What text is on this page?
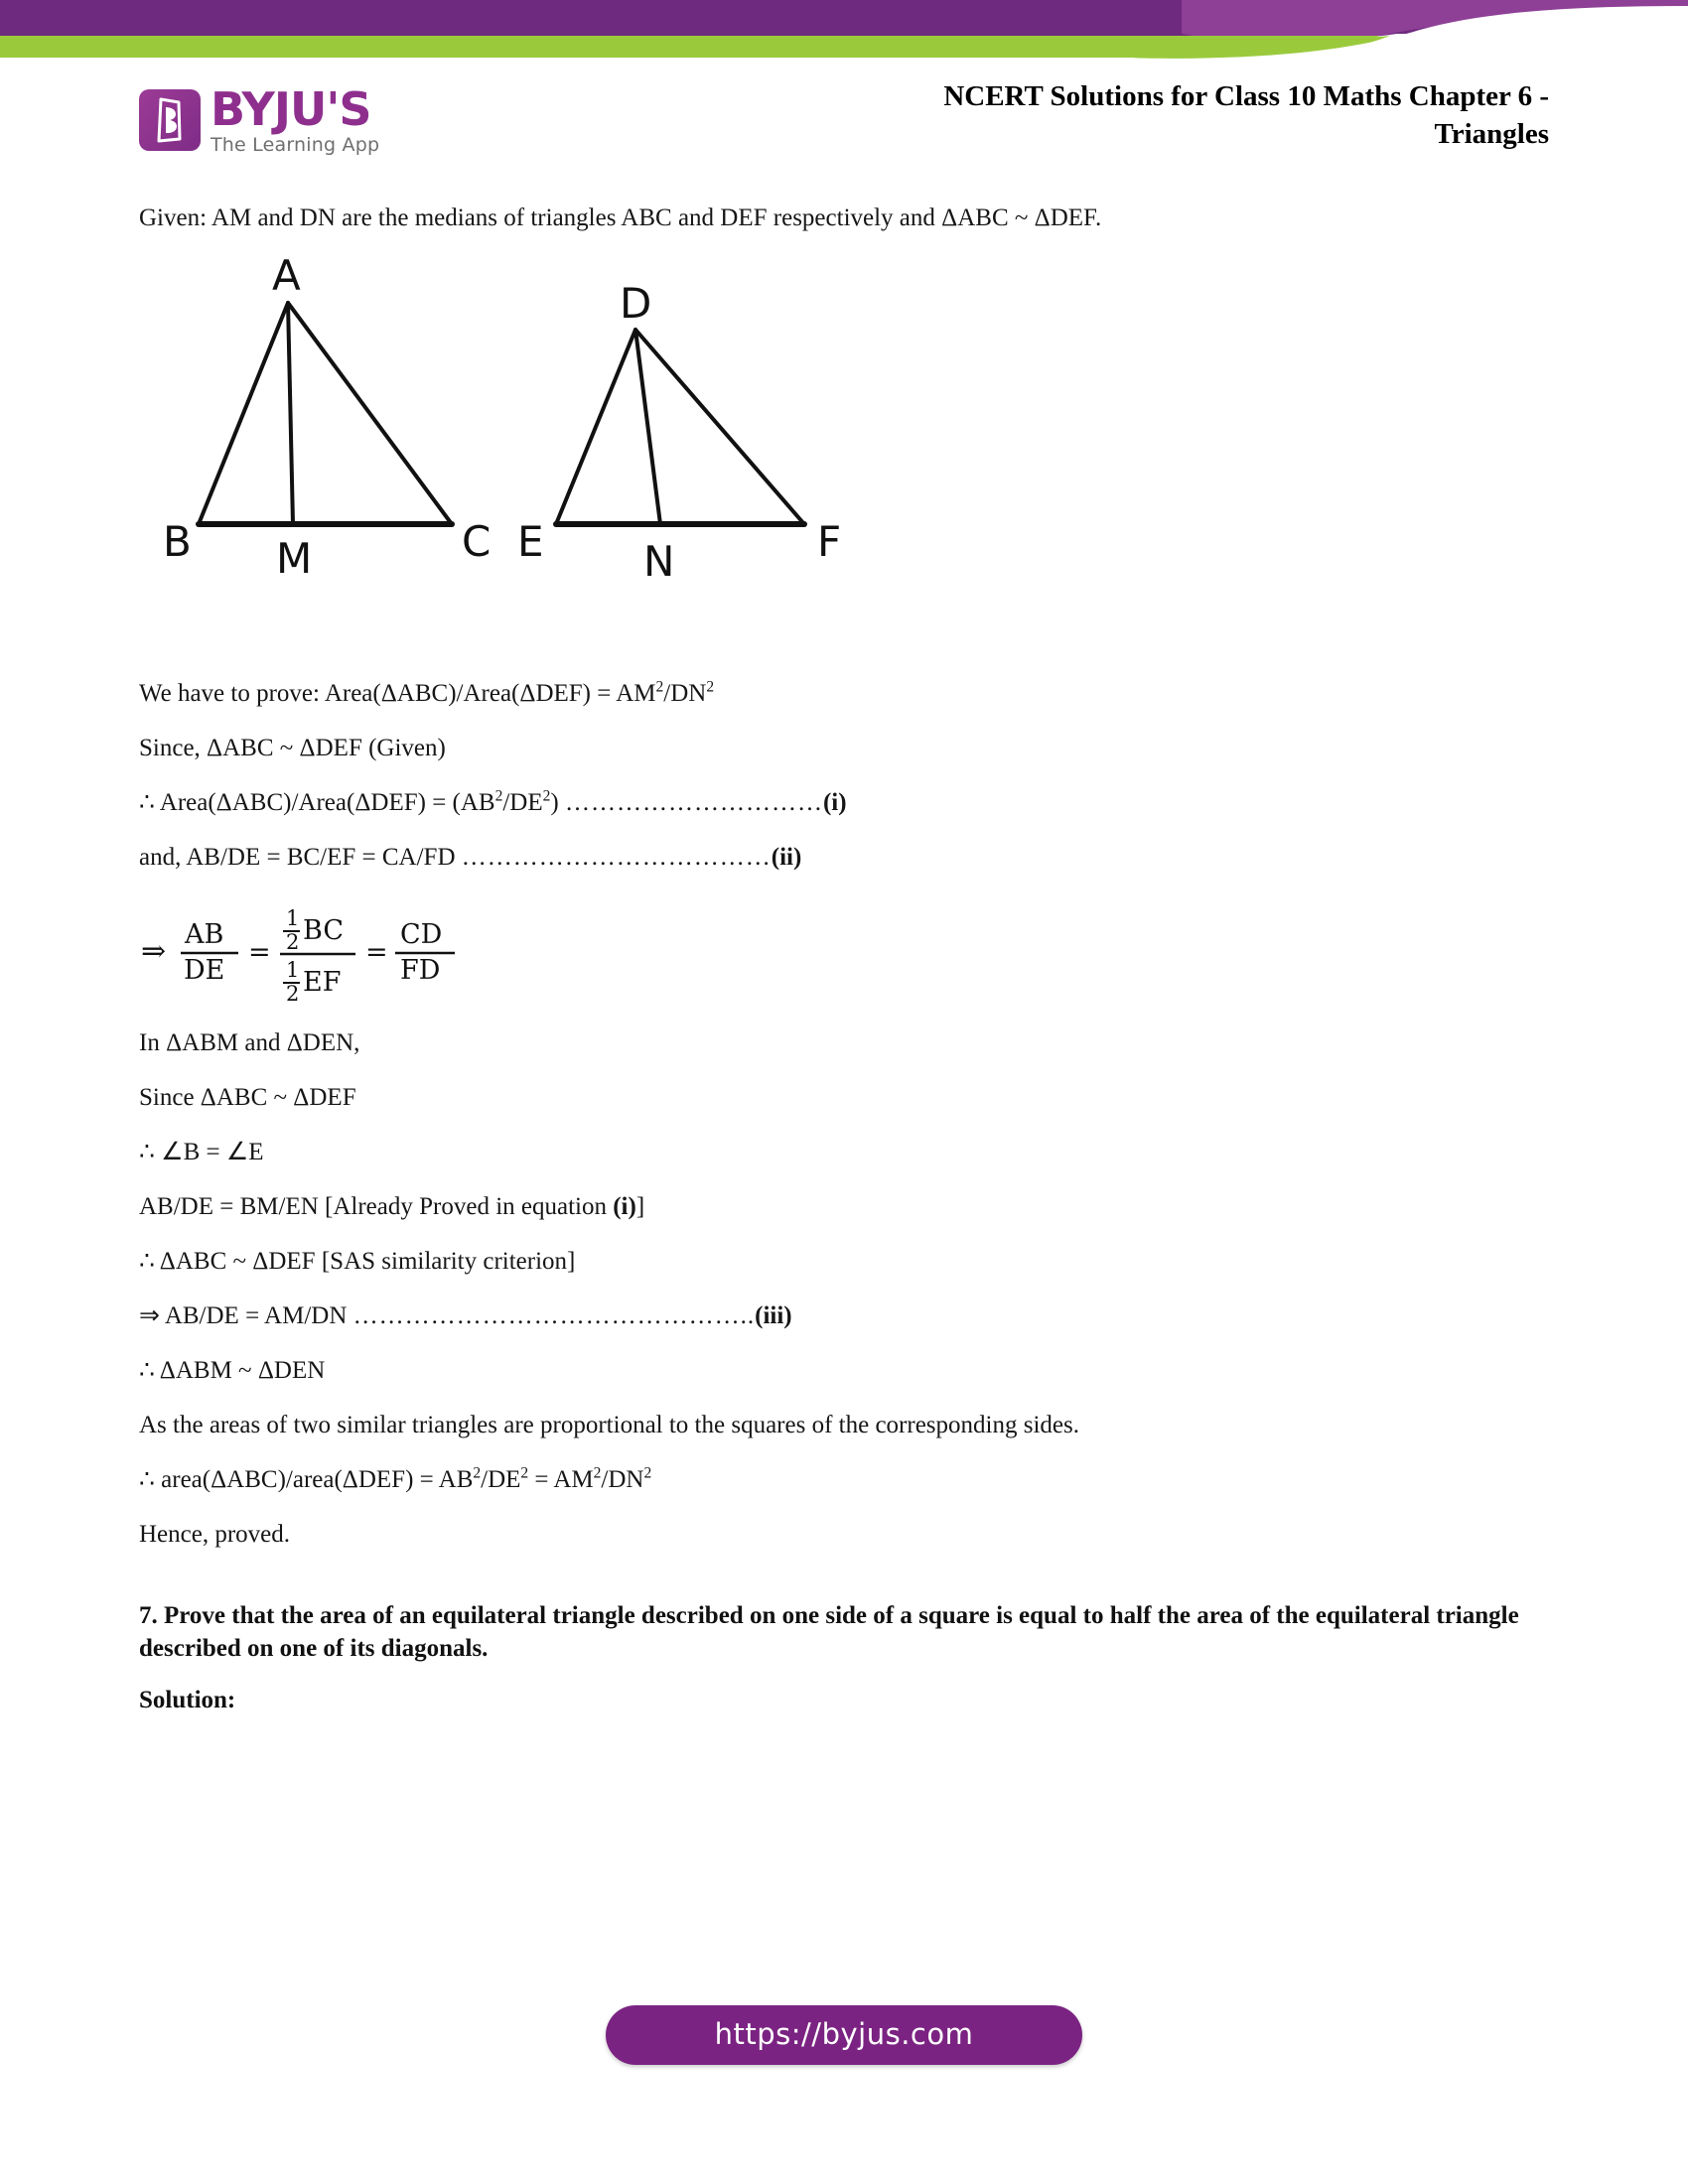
BYJU'S
The Learning App
NCERT Solutions for Class 10 Maths Chapter 6 -
Triangles

Given: AM and DN are the medians of triangles ABC and DEF respectively and ΔABC ~ ΔDEF.

A
B M	C
D
E N	F

We have to prove: Area(ΔABC)/Area(ΔDEF) = $AM^2/DN^2$

Since, ΔABC ~ ΔDEF (Given)

∴ Area(ΔABC)/Area(ΔDEF) = $(AB^2/DE^2)$ …………………………(i)

and, AB/DE = BC/EF = CA/FD ………………………………(ii)

⇒ AB
DE
=
1
2 BC
1
2 EF
=
CD
FD

In ΔABM and ΔDEN,

Since ΔABC ~ ΔDEF

∴ ∠B = ∠E

AB/DE = BM/EN [Already Proved in equation (i)]

∴ ΔABC ~ ΔDEF [SAS similarity criterion]

⇒ AB/DE = AM/DN ………………………………………..(iii)

∴ ΔABM ~ ΔDEN

As the areas of two similar triangles are proportional to the squares of the corresponding sides.

∴ area(ΔABC)/area(ΔDEF) = $AB^2/DE^2 = AM^2/DN^2$

Hence, proved.

7. Prove that the area of an equilateral triangle described on one side of a square is equal to half the area of the equilateral triangle described on one of its diagonals.

Solution:

https://byjus.com
